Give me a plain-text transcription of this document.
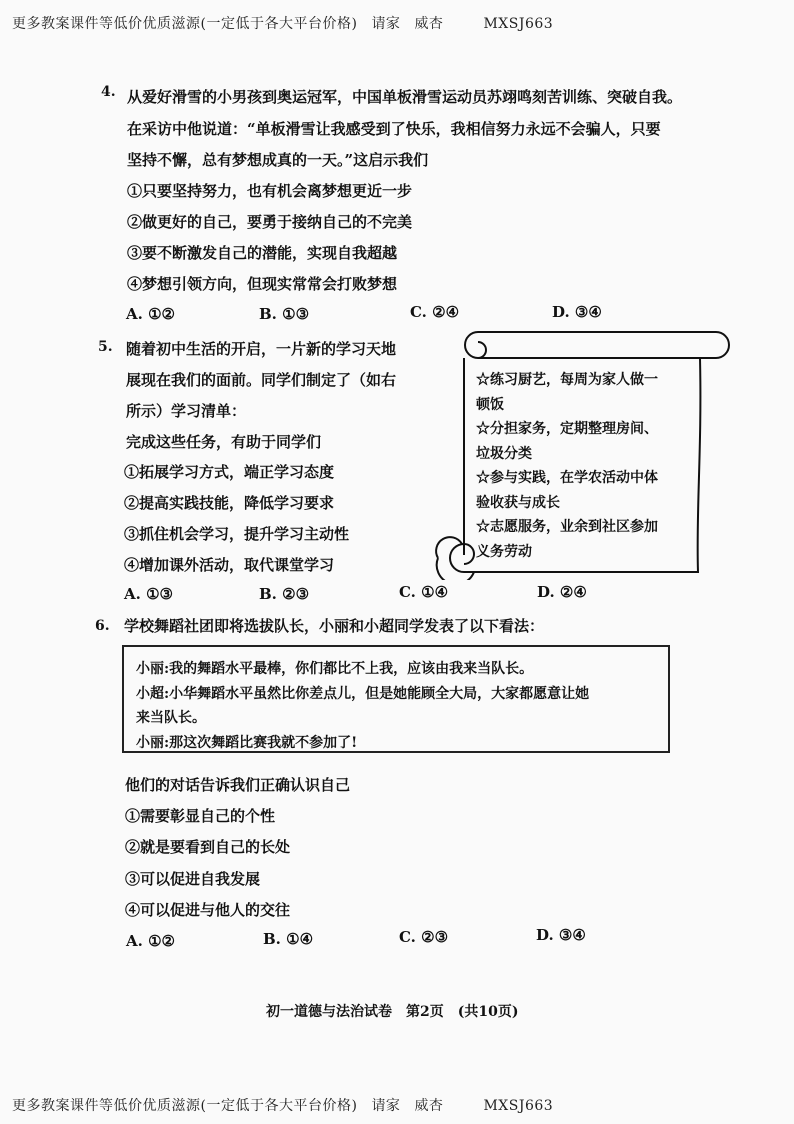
更多教案课件等低价优质滋源(一定低于各大平台价格) 请家 威杏	MXSJ663
4. 从爱好滑雪的小男孩到奥运冠军，中国单板滑雪运动员苏翊鸣刻苦训练、突破自我。
在采访中他说道：“单板滑雪让我感受到了快乐，我相信努力永远不会骗人，只要
坚持不懈，总有梦想成真的一天。”这启示我们
①只要坚持努力，也有机会离梦想更近一步
②做更好的自己，要勇于接纳自己的不完美
③要不断激发自己的潜能，实现自我超越
④梦想引领方向，但现实常常会打败梦想
A. ①②	B. ①③	C. ②④	D. ③④
5. 随着初中生活的开启，一片新的学习天地
展现在我们的面前。同学们制定了（如右
所示）学习清单：
完成这些任务，有助于同学们
①拓展学习方式，端正学习态度
②提高实践技能，降低学习要求
③抓住机会学习，提升学习主动性
④增加课外活动，取代课堂学习
A. ①③	B. ②③	C. ①④	D. ②④
☆练习厨艺，每周为家人做一
顿饭
☆分担家务，定期整理房间、
垃圾分类
☆参与实践，在学农活动中体
验收获与成长
☆志愿服务，业余到社区参加
义务劳动
6. 学校舞蹈社团即将选拔队长，小丽和小超同学发表了以下看法：
小丽:我的舞蹈水平最棒，你们都比不上我，应该由我来当队长。
小超:小华舞蹈水平虽然比你差点儿，但是她能顾全大局，大家都愿意让她
来当队长。
小丽:那这次舞蹈比赛我就不参加了!
他们的对话告诉我们正确认识自己
①需要彰显自己的个性
②就是要看到自己的长处
③可以促进自我发展
④可以促进与他人的交往
A. ①②	B. ①④	C. ②③	D. ③④
初一道德与法治试卷 第2页 (共10页)
更多教案课件等低价优质滋源(一定低于各大平台价格) 请家 威杏	MXSJ663
